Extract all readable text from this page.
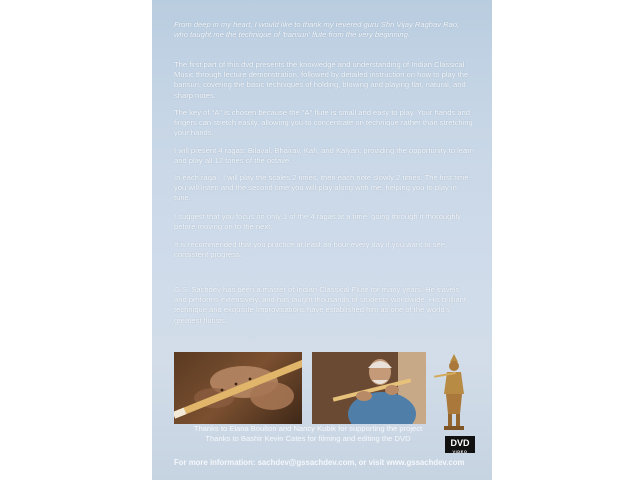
From deep in my heart, I would like to thank my revered guru Shri Vijay Raghav Rao, who taught me the technique of 'bansuri' flute from the very beginning.

The first part of this dvd presents the knowledge and understanding of Indian Classical Music through lecture demonstration, followed by detailed instruction on how to play the bansuri, covering the basic techniques of holding, blowing and playing flat, natural, and sharp notes.

The key of "A" is chosen because the "A" flute is small and easy to play. Your hands and fingers can stretch easily, allowing you to concentrate on technique rather than stretching your hands.

I will present 4 ragas: Bilaval, Bhairav, Kafi, and Kalyan, providing the opportunity to learn and play all 12 tones of the octave.

In each raga - I will play the scales 2 times, then each note slowly 2 times. The first time you will listen and the second time you will play along with me, helping you to play in tune.

I suggest that you focus on only 1 of the 4 ragas at a time, going through it thoroughly before moving on to the next.

It is recommended that you practice at least an hour every day if you want to see consistent progress.

G.S. Sachdev has been a master of Indian Classical Flute for many years. He travels and performs extensively, and has taught thousands of students worldwide. His brilliant technique and exquisite Improvisations have established him as one of the world's greatest flutists.

Thanks to Elana Boulton and Nancy Kubik for supporting the project
Thanks to Bashir Kevin Cates for filming and editing the DVD	DVD
VIDEO
For more information: sachdev@gssachdev.com, or visit www.gssachdev.com
